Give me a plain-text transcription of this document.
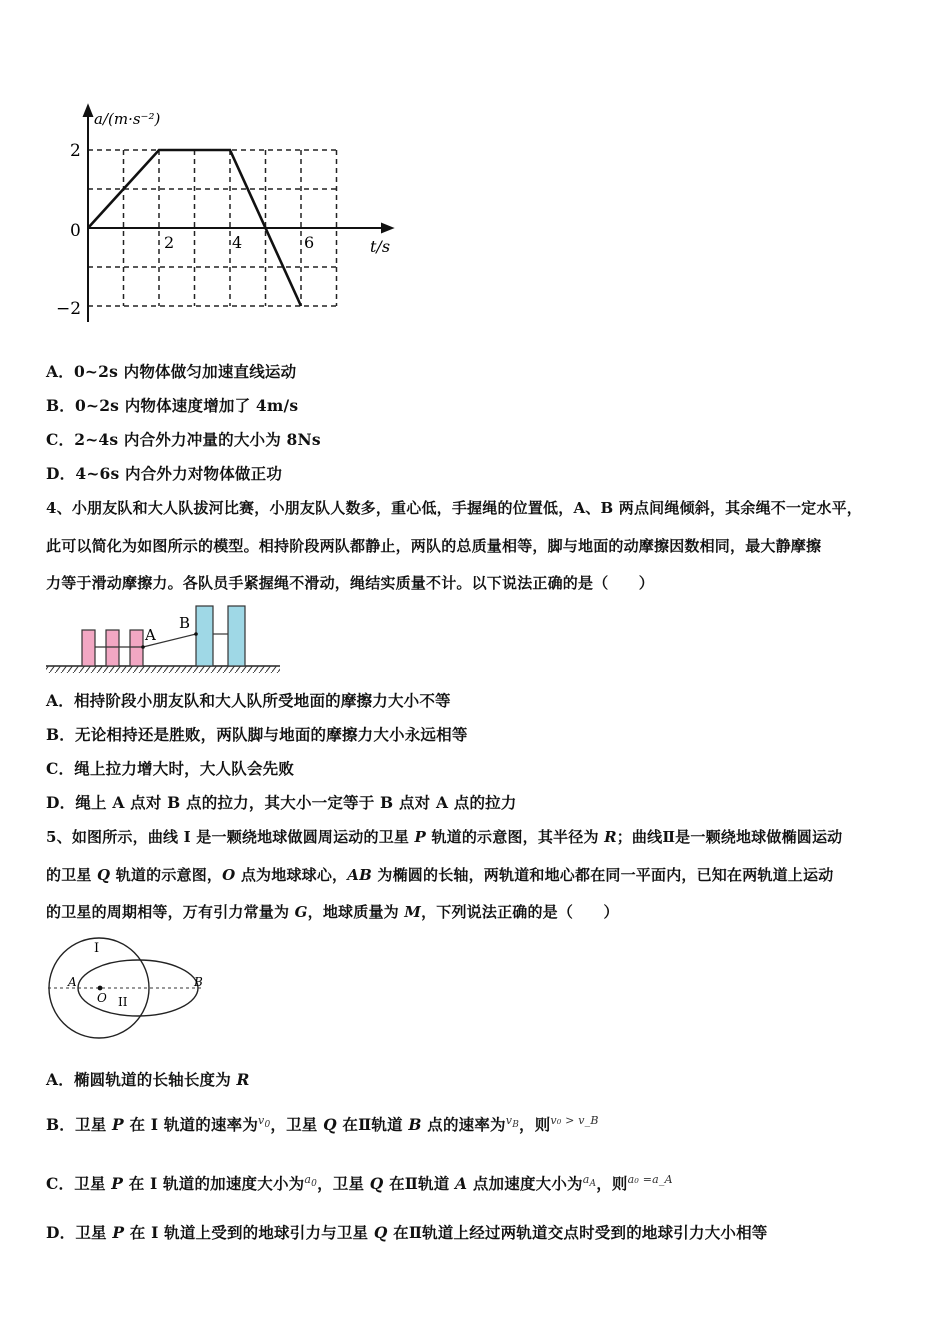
a/(m·s⁻²)
t/s
2
0
−2
2	4	6
A．0~2s 内物体做匀加速直线运动
B．0~2s 内物体速度增加了 4m/s
C．2~4s 内合外力冲量的大小为 8Ns
D．4~6s 内合外力对物体做正功
4、小朋友队和大人队拔河比赛，小朋友队人数多，重心低，手握绳的位置低，A、B 两点间绳倾斜，其余绳不一定水平，
此可以简化为如图所示的模型。相持阶段两队都静止，两队的总质量相等，脚与地面的动摩擦因数相同，最大静摩擦
力等于滑动摩擦力。各队员手紧握绳不滑动，绳结实质量不计。以下说法正确的是（　　）
A
B
A．相持阶段小朋友队和大人队所受地面的摩擦力大小不等
B．无论相持还是胜败，两队脚与地面的摩擦力大小永远相等
C．绳上拉力增大时，大人队会先败
D．绳上 A 点对 B 点的拉力，其大小一定等于 B 点对 A 点的拉力
5、如图所示，曲线 I 是一颗绕地球做圆周运动的卫星 P 轨道的示意图，其半径为 R；曲线Ⅱ是一颗绕地球做椭圆运动
的卫星 Q 轨道的示意图，O 点为地球球心，AB 为椭圆的长轴，两轨道和地心都在同一平面内，已知在两轨道上运动
的卫星的周期相等，万有引力常量为 G，地球质量为 M，下列说法正确的是（　　）
I
II
A	B
O
A．椭圆轨道的长轴长度为 R
B．卫星 P 在 I 轨道的速率为$^{v_0}$，卫星 Q 在Ⅱ轨道 B 点的速率为$^{v_B}$，则$^{v_0 > v\_B}$
C．卫星 P 在 I 轨道的加速度大小为$^{a_0}$，卫星 Q 在Ⅱ轨道 A 点加速度大小为$^{a_A}$，则$^{a_0 =a\_A}$
D．卫星 P 在 I 轨道上受到的地球引力与卫星 Q 在Ⅱ轨道上经过两轨道交点时受到的地球引力大小相等
